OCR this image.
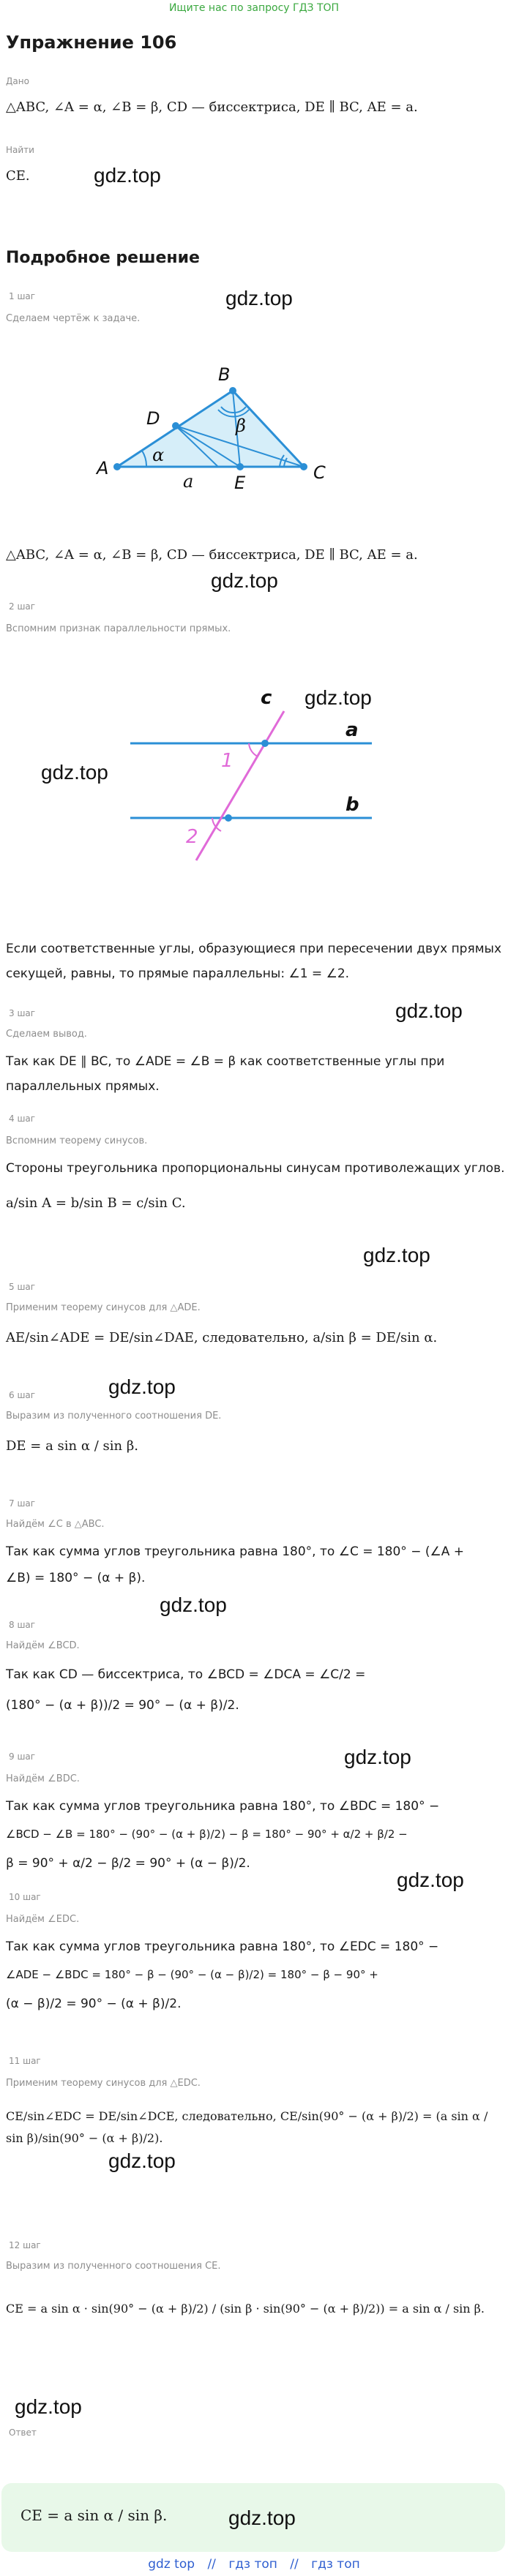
Ищите нас по запросу ГДЗ ТОП
Упражнение 106
Дано
△ABC, ∠A = α, ∠B = β, CD — биссектриса, DE ∥ BC, AE = a.
Найти
CE.	gdz.top
Подробное решение
1 шаг	gdz.top
Сделаем чертёж к задаче.
A
B
C
D
E
α
β
a
△ABC, ∠A = α, ∠B = β, CD — биссектриса, DE ∥ BC, AE = a.
gdz.top
2 шаг
Вспомним признак параллельности прямых.
a
b
c
1
2
gdz.top
gdz.top
Если соответственные углы, образующиеся при пересечении двух прямых
секущей, равны, то прямые параллельны: ∠1 = ∠2.
gdz.top
3 шаг
Сделаем вывод.
Так как DE ∥ BC, то ∠ADE = ∠B = β как соответственные углы при
параллельных прямых.
4 шаг
Вспомним теорему синусов.
Стороны треугольника пропорциональны синусам противолежащих углов.
a/sin A = b/sin B = c/sin C.
gdz.top
5 шаг
Применим теорему синусов для △ADE.
AE/sin∠ADE = DE/sin∠DAE, следовательно, a/sin β = DE/sin α.
6 шаг	gdz.top
Выразим из полученного соотношения DE.
DE = a sin α / sin β.
7 шаг
Найдём ∠C в △ABC.
Так как сумма углов треугольника равна 180°, то ∠C = 180° − (∠A +
∠B) = 180° − (α + β).
gdz.top
8 шаг
Найдём ∠BCD.
Так как CD — биссектриса, то ∠BCD = ∠DCA = ∠C/2 =
(180° − (α + β))/2 = 90° − (α + β)/2.
9 шаг	gdz.top
Найдём ∠BDC.
Так как сумма углов треугольника равна 180°, то ∠BDC = 180° −
∠BCD − ∠B = 180° − (90° − (α + β)/2) − β = 180° − 90° + α/2 + β/2 −
β = 90° + α/2 − β/2 = 90° + (α − β)/2.
10 шаг
gdz.top
Найдём ∠EDC.
Так как сумма углов треугольника равна 180°, то ∠EDC = 180° −
∠ADE − ∠BDC = 180° − β − (90° − (α − β)/2) = 180° − β − 90° +
(α − β)/2 = 90° − (α + β)/2.
11 шаг
Применим теорему синусов для △EDC.
CE/sin∠EDC = DE/sin∠DCE, следовательно, CE/sin(90° − (α + β)/2) = (a sin α / sin β)/sin(90° − (α + β)/2).
gdz.top
12 шаг
Выразим из полученного соотношения CE.
CE = a sin α · sin(90° − (α + β)/2) / (sin β · sin(90° − (α + β)/2)) = a sin α / sin β.
gdz.top
Ответ
CE = a sin α / sin β.	gdz.top
gdz top // гдз топ // гдз топ
